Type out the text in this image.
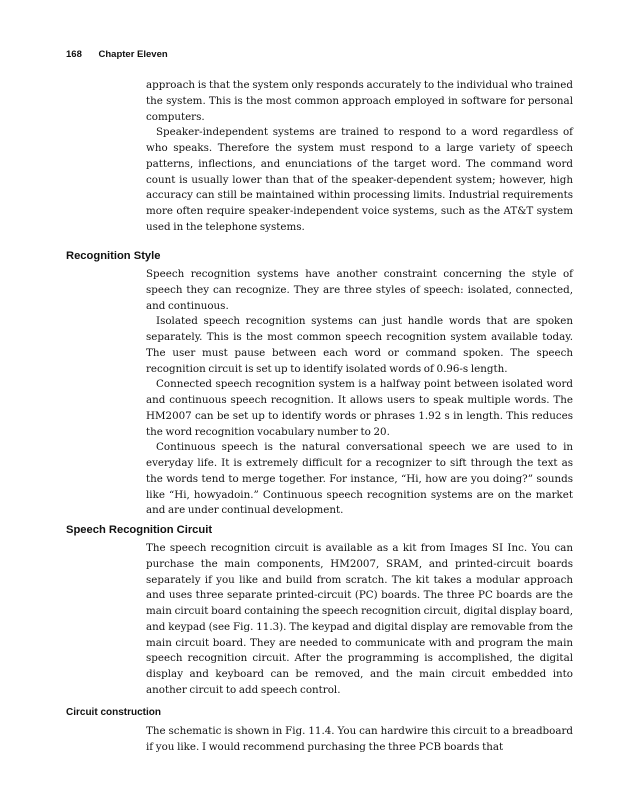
168 Chapter Eleven

approach is that the system only responds accurately to the individual who trained the system. This is the most common approach employed in software for personal computers.

Speaker-independent systems are trained to respond to a word regardless of who speaks. Therefore the system must respond to a large variety of speech patterns, inflections, and enunciations of the target word. The command word count is usually lower than that of the speaker-dependent system; however, high accuracy can still be maintained within processing limits. Industrial requirements more often require speaker-independent voice systems, such as the AT&T system used in the telephone systems.

Recognition Style

Speech recognition systems have another constraint concerning the style of speech they can recognize. They are three styles of speech: isolated, connected, and continuous.

Isolated speech recognition systems can just handle words that are spoken separately. This is the most common speech recognition system available today. The user must pause between each word or command spoken. The speech recognition circuit is set up to identify isolated words of 0.96-s length.

Connected speech recognition system is a halfway point between isolated word and continuous speech recognition. It allows users to speak multiple words. The HM2007 can be set up to identify words or phrases 1.92 s in length. This reduces the word recognition vocabulary number to 20.

Continuous speech is the natural conversational speech we are used to in everyday life. It is extremely difficult for a recognizer to sift through the text as the words tend to merge together. For instance, “Hi, how are you doing?” sounds like “Hi, howyadoin.” Continuous speech recognition systems are on the market and are under continual development.

Speech Recognition Circuit

The speech recognition circuit is available as a kit from Images SI Inc. You can purchase the main components, HM2007, SRAM, and printed-circuit boards separately if you like and build from scratch. The kit takes a modular approach and uses three separate printed-circuit (PC) boards. The three PC boards are the main circuit board containing the speech recognition circuit, digital display board, and keypad (see Fig. 11.3). The keypad and digital display are removable from the main circuit board. They are needed to communicate with and program the main speech recognition circuit. After the programming is accomplished, the digital display and keyboard can be removed, and the main circuit embedded into another circuit to add speech control.

Circuit construction

The schematic is shown in Fig. 11.4. You can hardwire this circuit to a breadboard if you like. I would recommend purchasing the three PCB boards that
